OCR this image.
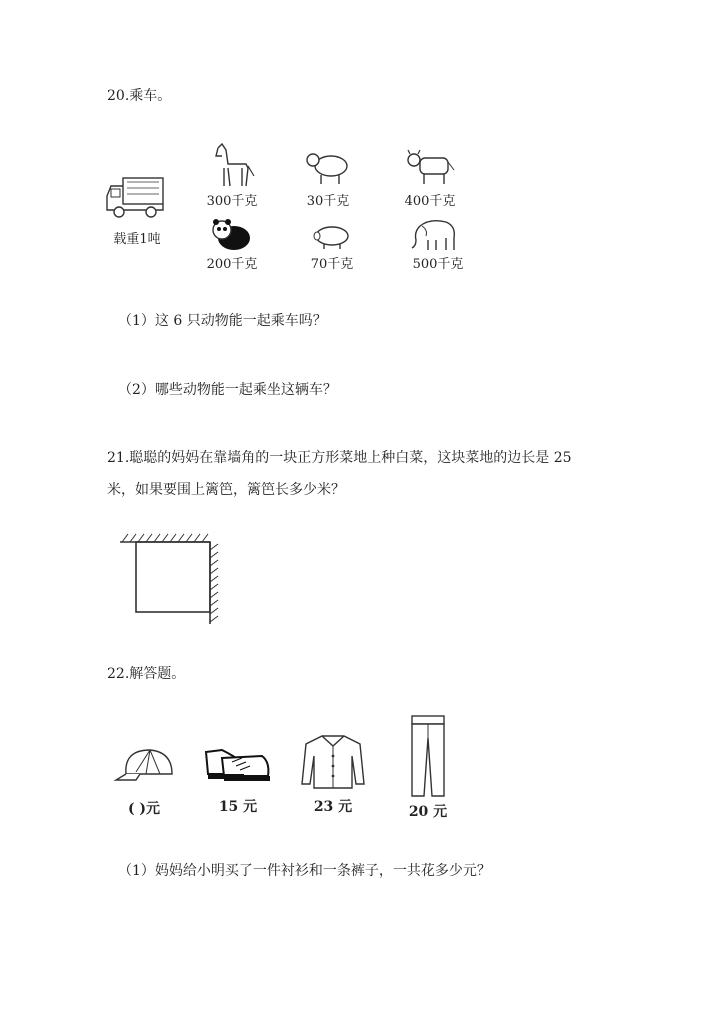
20.乘车。
载重1吨
300千克	30千克	400千克
200千克	70千克	500千克
（1）这 6 只动物能一起乘车吗？
（2）哪些动物能一起乘坐这辆车？
21.聪聪的妈妈在靠墙角的一块正方形菜地上种白菜，这块菜地的边长是 25
米，如果要围上篱笆，篱笆长多少米？
22.解答题。
( )元	15 元	23 元	20 元
（1）妈妈给小明买了一件衬衫和一条裤子，一共花多少元？
